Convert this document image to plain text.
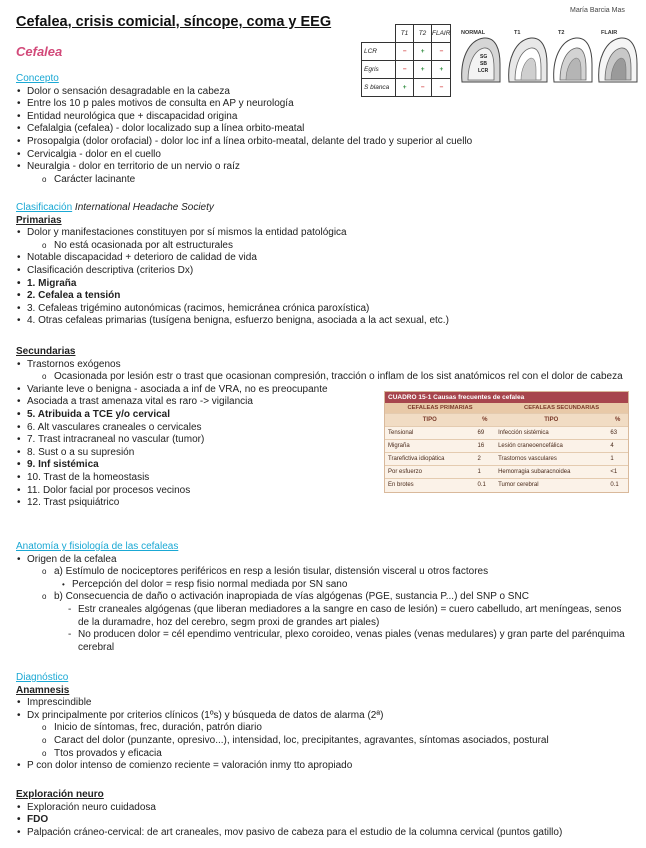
María Barcia Mas
Cefalea, crisis comicial, síncope, coma y EEG
Cefalea
	T1	T2	FLAIR
LCR	−	+	−
Egris	−	+	+
S blanca	+	−	−
NORMAL	T1	T2	FLAIR
SG
SB
LCR
Concepto
• Dolor o sensación desagradable en la cabeza
• Entre los 10 p pales motivos de consulta en AP y neurología
• Entidad neurológica que + discapacidad origina
• Cefalalgia (cefalea) - dolor localizado sup a línea orbito-meatal
• Prosopalgia (dolor orofacial) - dolor loc inf a línea orbito-meatal, delante del trado y superior al cuello
• Cervicalgia - dolor en el cuello
• Neuralgia - dolor en territorio de un nervio o raíz
o Carácter lacinante
Clasificación International Headache Society
Primarias
• Dolor y manifestaciones constituyen por sí mismos la entidad patológica
o No está ocasionada por alt estructurales
• Notable discapacidad + deterioro de calidad de vida
• Clasificación descriptiva (criterios Dx)
• 1. Migraña
• 2. Cefalea a tensión
• 3. Cefaleas trigémino autonómicas (racimos, hemicránea crónica paroxística)
• 4. Otras cefaleas primarias (tusígena benigna, esfuerzo benigna, asociada a la act sexual, etc.)
Secundarias
• Trastornos exógenos
o Ocasionada por lesión estr o trast que ocasionan compresión, tracción o inflam de los sist anatómicos rel con el dolor de cabeza
• Variante leve o benigna - asociada a inf de VRA, no es preocupante
• Asociada a trast amenaza vital es raro -> vigilancia
• 5. Atribuida a TCE y/o cervical
• 6. Alt vasculares craneales o cervicales
• 7. Trast intracraneal no vascular (tumor)
• 8. Sust o a su supresión
• 9. Inf sistémica
• 10. Trast de la homeostasis
• 11. Dolor facial por procesos vecinos
• 12. Trast psiquiátrico
CUADRO 15-1 Causas frecuentes de cefalea
CEFALEAS PRIMARIAS		CEFALEAS SECUNDARIAS	
TIPO	%	TIPO	%
Tensional	69	Infección sistémica	63
Migraña	16	Lesión craneoencefálica	4
Trarefictiva idiopática	2	Trastornos vasculares	1
Por esfuerzo	1	Hemorragia subaracnoidea	<1
En brotes	0.1	Tumor cerebral	0.1
Anatomía y fisiología de las cefaleas
• Origen de la cefalea
o a) Estímulo de nociceptores periféricos en resp a lesión tisular, distensión visceral u otros factores
• Percepción del dolor = resp fisio normal mediada por SN sano
o b) Consecuencia de daño o activación inapropiada de vías algógenas (PGE, sustancia P...) del SNP o SNC
- Estr craneales algógenas (que liberan mediadores a la sangre en caso de lesión) = cuero cabelludo, art meníngeas, senos de la duramadre, hoz del cerebro, segm proxi de grandes art piales)
- No producen dolor = cél ependimo ventricular, plexo coroideo, venas piales (venas medulares) y gran parte del parénquima cerebral
Diagnóstico
Anamnesis
• Imprescindible
• Dx principalmente por criterios clínicos (1ºs) y búsqueda de datos de alarma (2ª)
o Inicio de síntomas, frec, duración, patrón diario
o Caract del dolor (punzante, opresivo...), intensidad, loc, precipitantes, agravantes, síntomas asociados, postural
o Ttos provados y eficacia
• P con dolor intenso de comienzo reciente = valoración inmy tto apropiado
Exploración neuro
• Exploración neuro cuidadosa
• FDO
• Palpación cráneo-cervical: de art craneales, mov pasivo de cabeza para el estudio de la columna cervical (puntos gatillo)
